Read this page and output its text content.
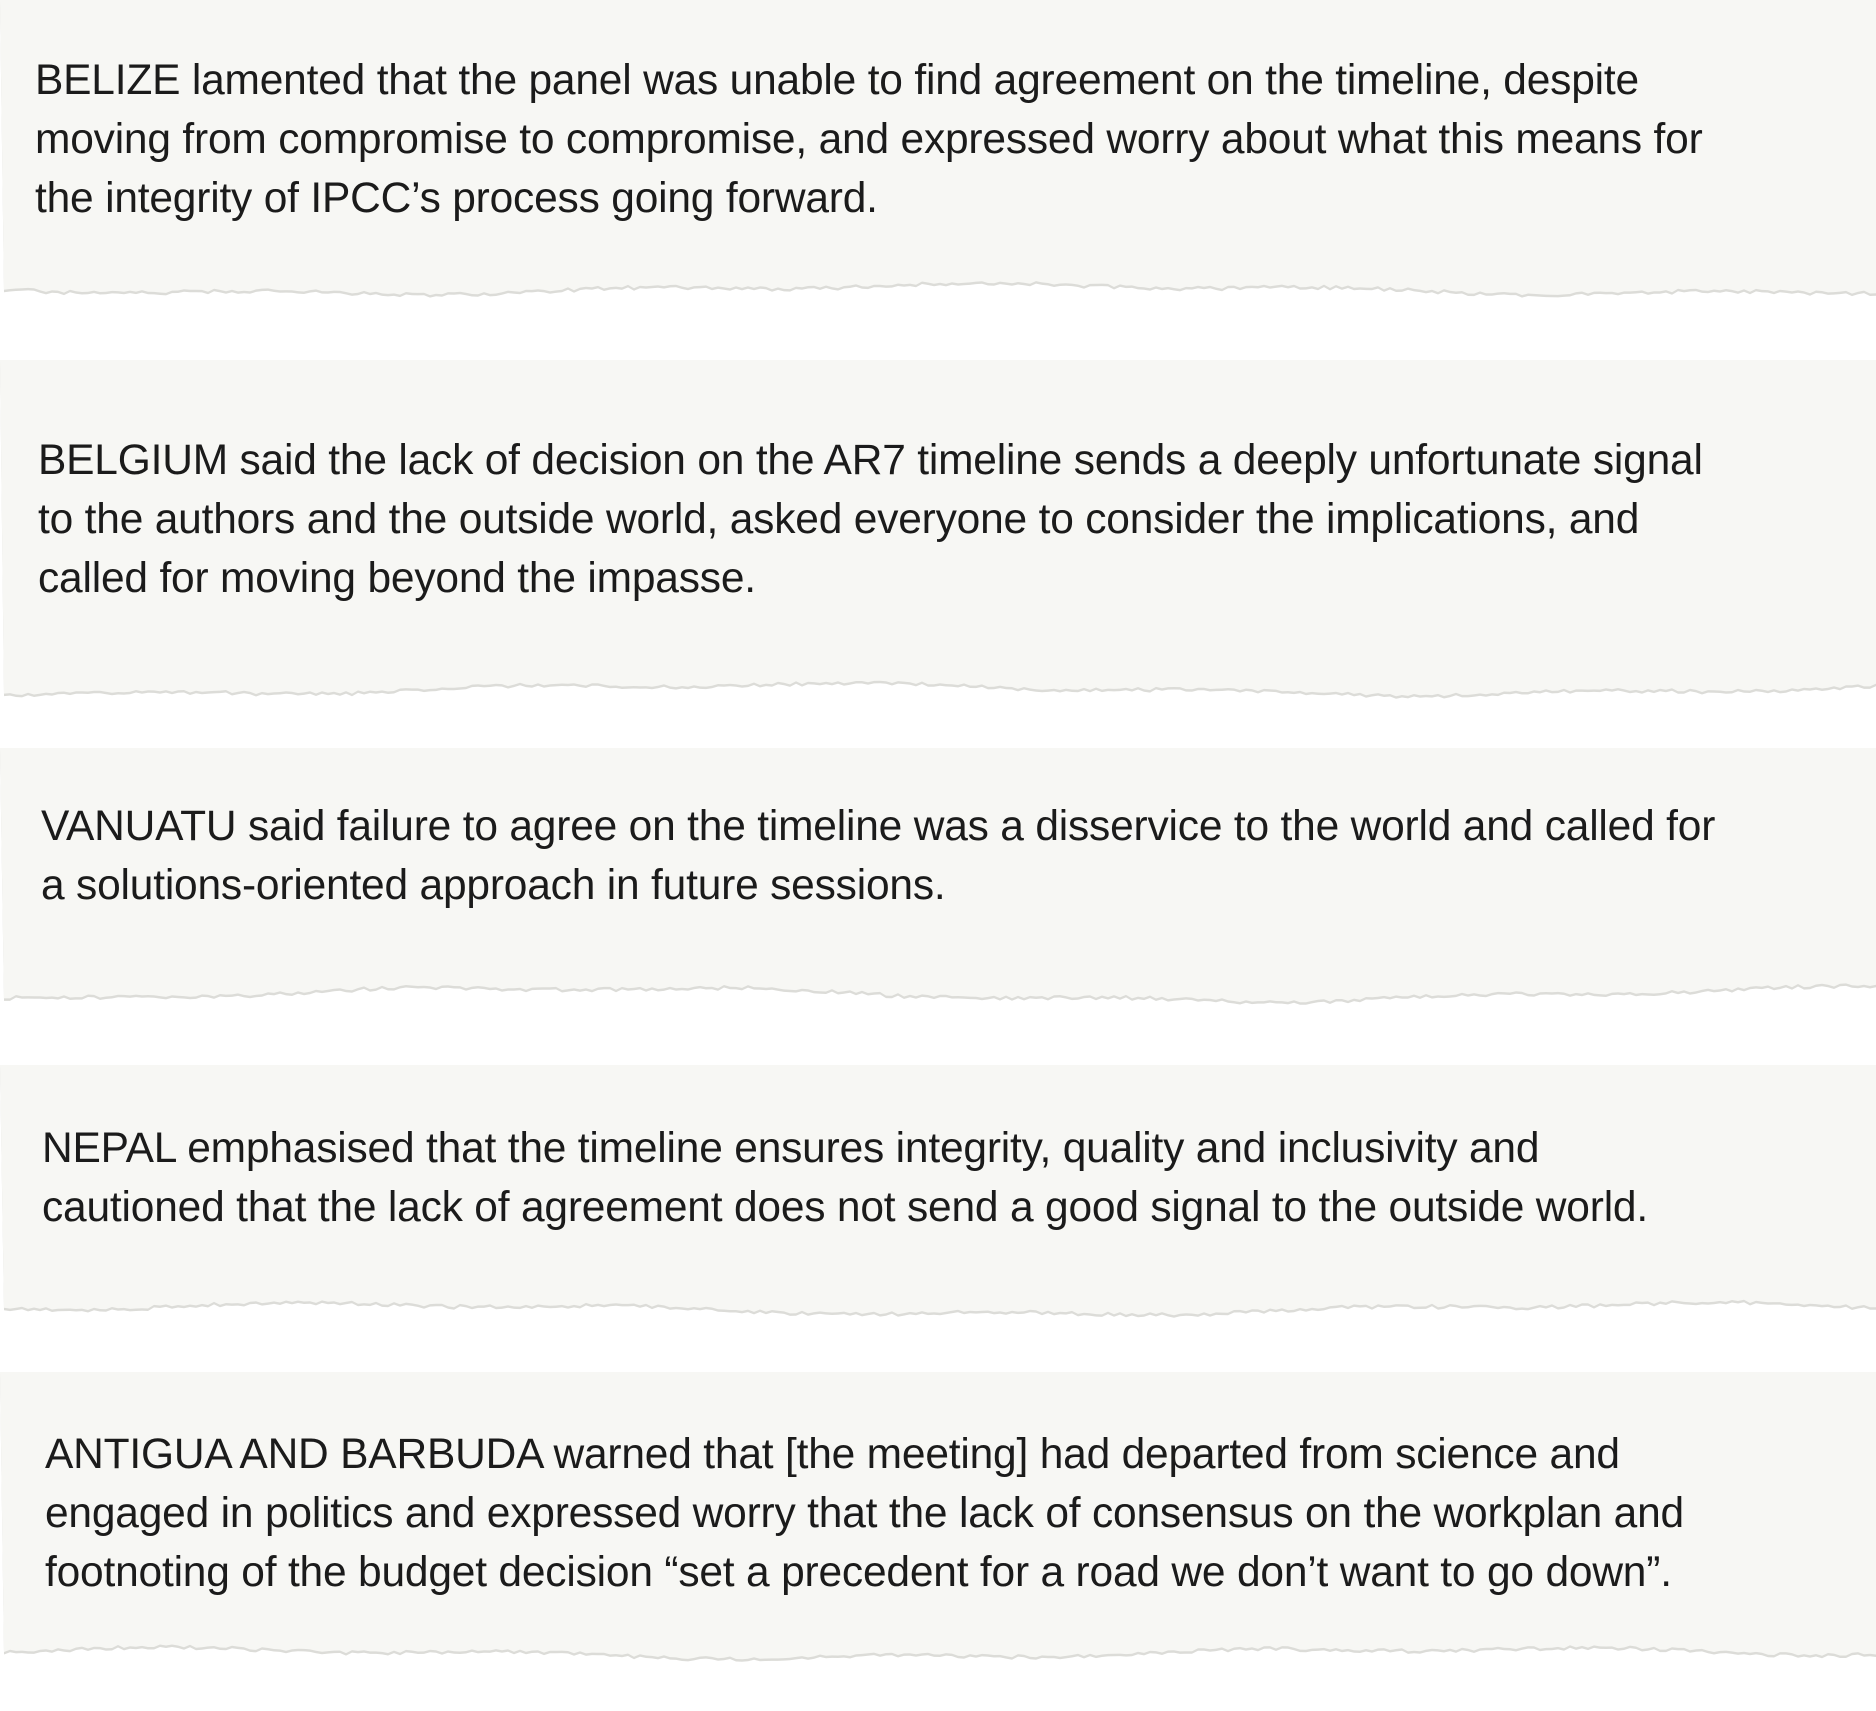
BELIZE lamented that the panel was unable to find agreement on the timeline, despite
moving from compromise to compromise, and expressed worry about what this means for
the integrity of IPCC’s process going forward.

BELGIUM said the lack of decision on the AR7 timeline sends a deeply unfortunate signal
to the authors and the outside world, asked everyone to consider the implications, and
called for moving beyond the impasse.

VANUATU said failure to agree on the timeline was a disservice to the world and called for
a solutions-oriented approach in future sessions.

NEPAL emphasised that the timeline ensures integrity, quality and inclusivity and
cautioned that the lack of agreement does not send a good signal to the outside world.

ANTIGUA AND BARBUDA warned that [the meeting] had departed from science and
engaged in politics and expressed worry that the lack of consensus on the workplan and
footnoting of the budget decision “set a precedent for a road we don’t want to go down”.
